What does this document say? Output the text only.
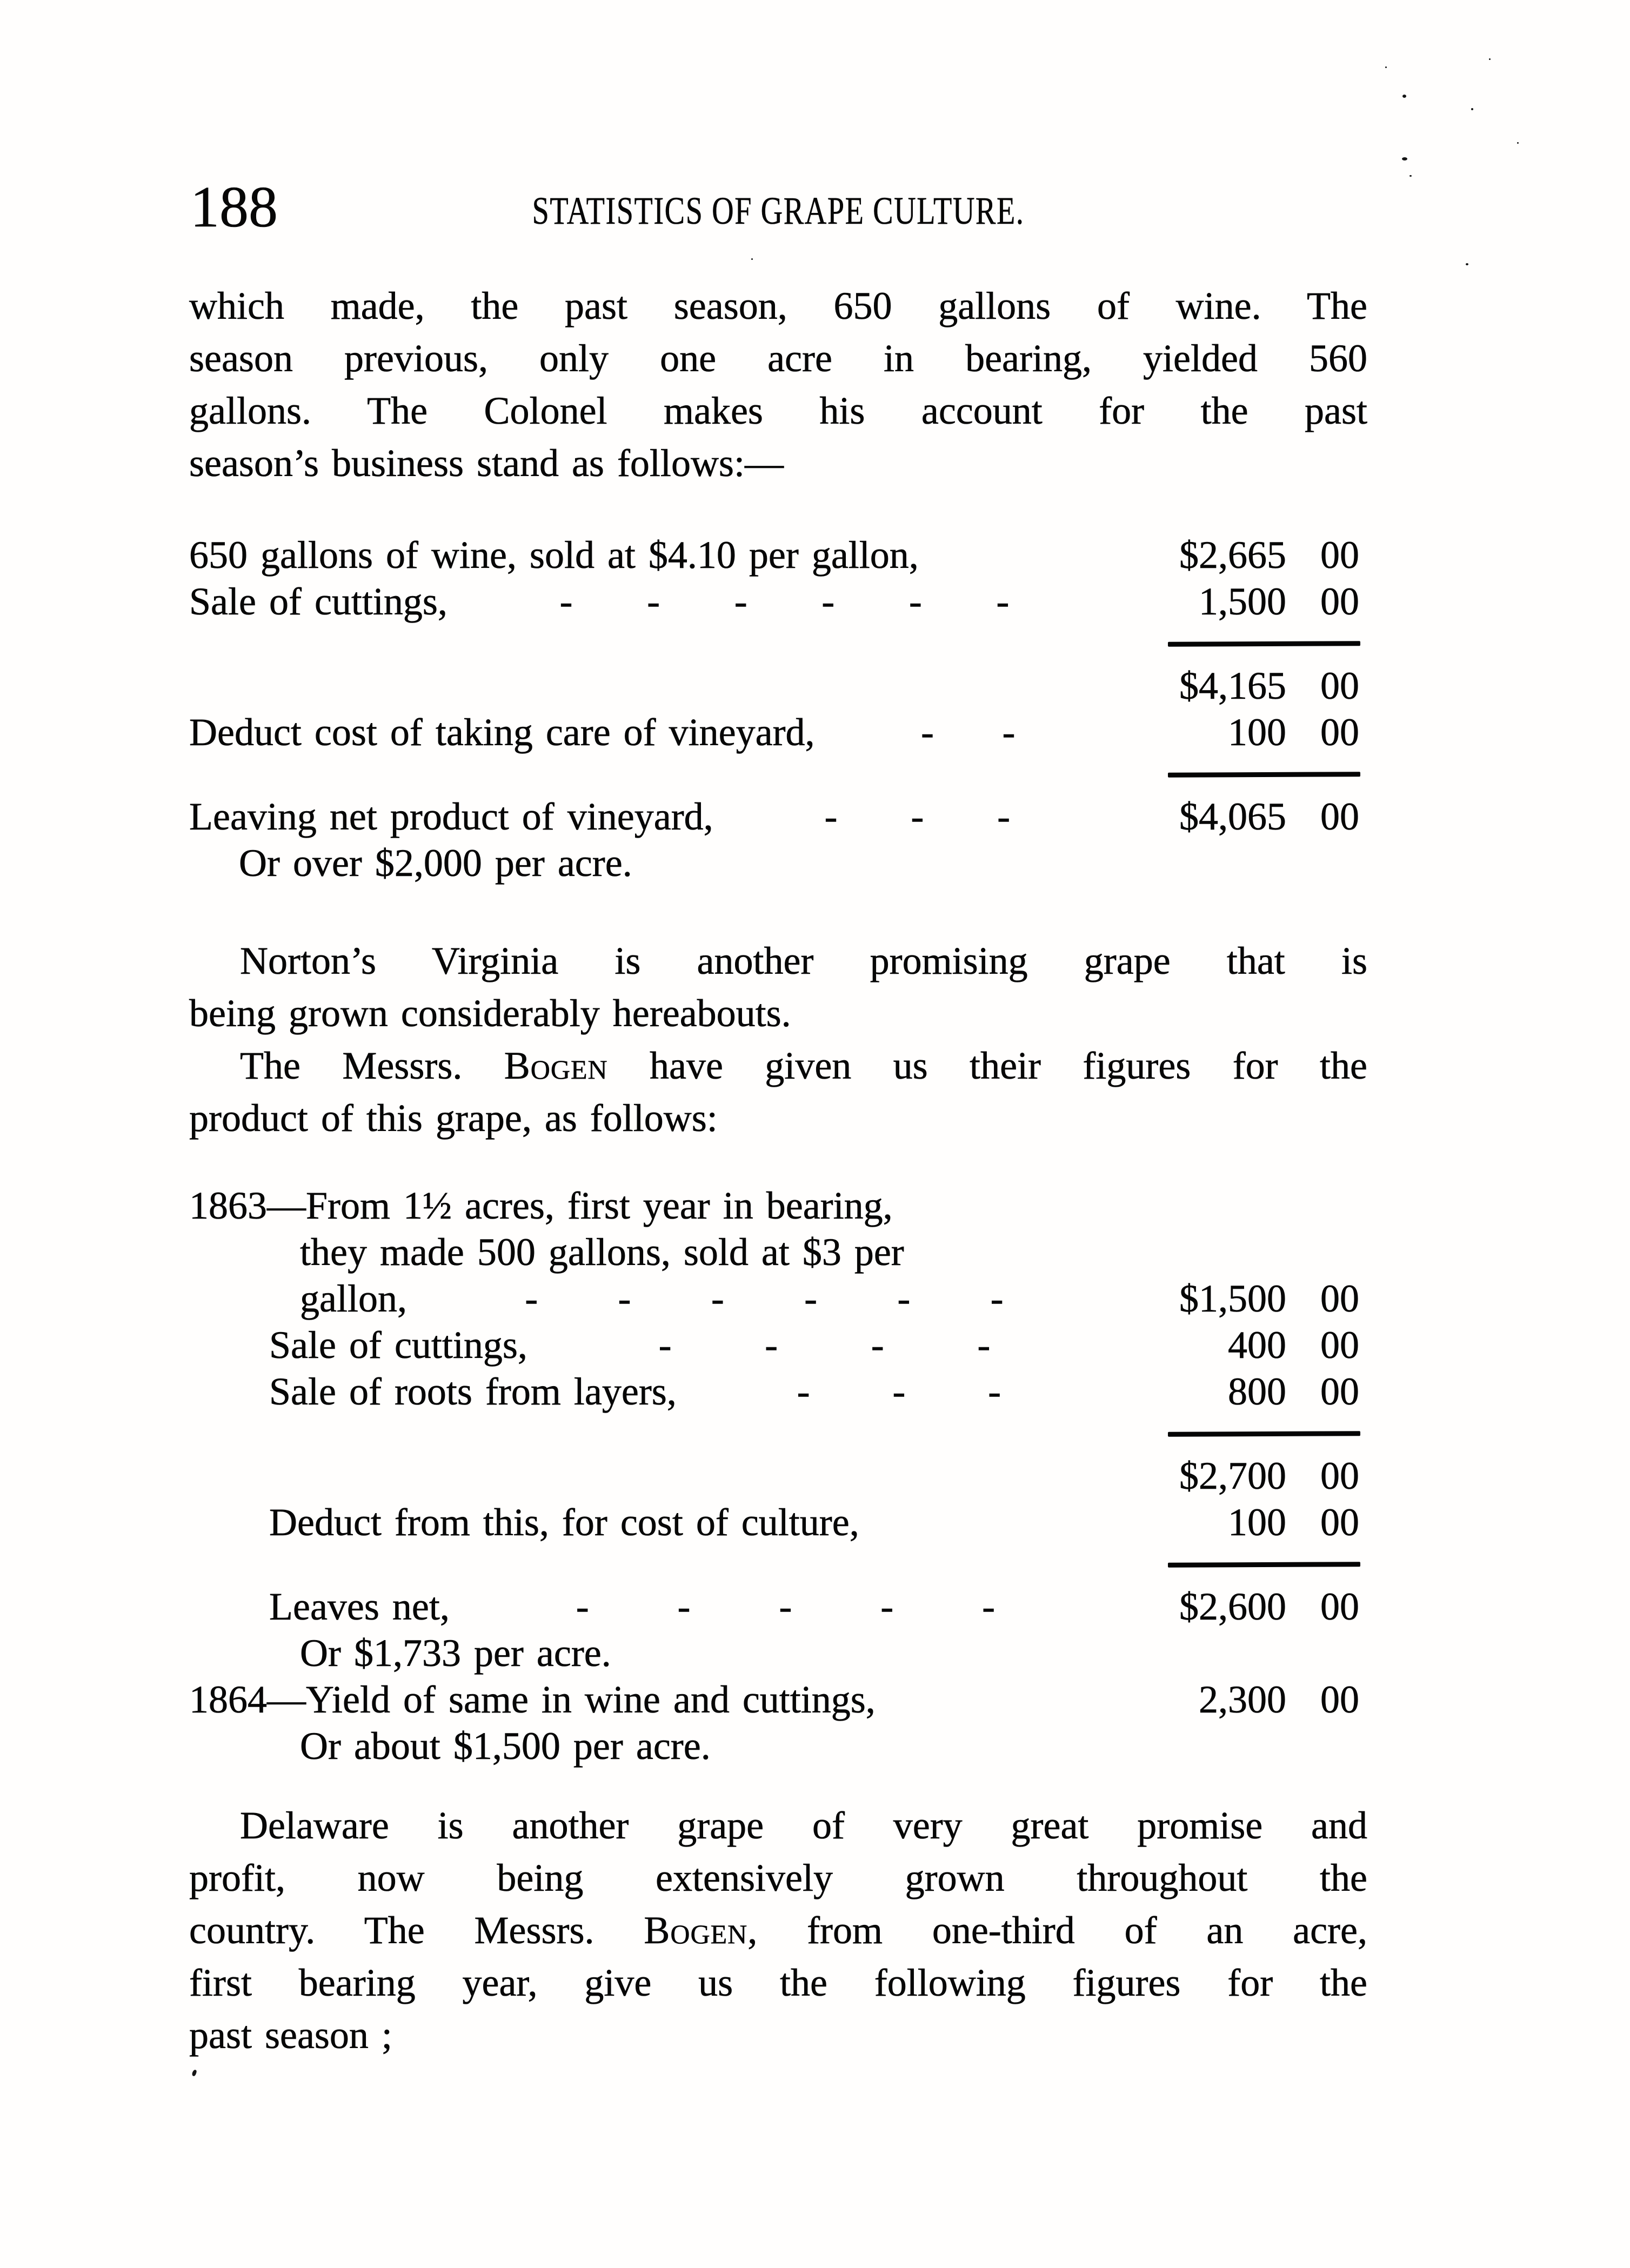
188	STATISTICS OF GRAPE CULTURE.
which made, the past season, 650 gallons of wine. The
season previous, only one acre in bearing, yielded 560
gallons. The Colonel makes his account for the past
season’s business stand as follows:—
650 gallons of wine, sold at $4.10 per gallon,	$2,665 00
Sale of cuttings,	- - - - - -	1,500 00
$4,165 00
Deduct cost of taking care of vineyard,	- -	100 00
Leaving net product of vineyard,	- - -	$4,065 00
Or over $2,000 per acre.
Norton’s Virginia is another promising grape that is
being grown considerably hereabouts.
The Messrs. Bogen have given us their figures for the
product of this grape, as follows:
1863—From 1½ acres, first year in bearing,
they made 500 gallons, sold at $3 per
gallon,	- - - - - -	$1,500 00
Sale of cuttings,	- - - -	400 00
Sale of roots from layers,	- - -	800 00
$2,700 00
Deduct from this, for cost of culture,	100 00
Leaves net,	- - - - -	$2,600 00
Or $1,733 per acre.
1864—Yield of same in wine and cuttings,	2,300 00
Or about $1,500 per acre.
Delaware is another grape of very great promise and
profit, now being extensively grown throughout the
country. The Messrs. Bogen, from one-third of an acre,
first bearing year, give us the following figures for the
past season ;
